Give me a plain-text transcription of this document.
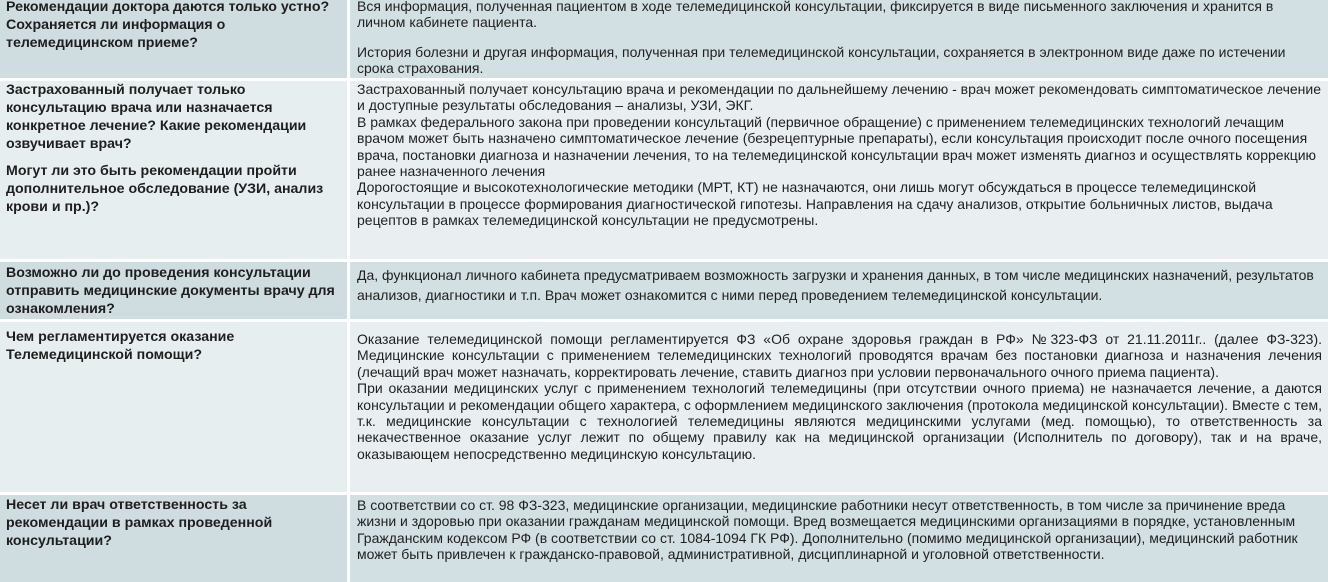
Рекомендации доктора даются только устно? Сохраняется ли информация о телемедицинском приеме?

Вся информация, полученная пациентом в ходе телемедицинской консультации, фиксируется в виде письменного заключения и хранится в личном кабинете пациента.

История болезни и другая информация, полученная при телемедицинской консультации, сохраняется в электронном виде даже по истечении срока страхования.

Застрахованный получает только консультацию врача или назначается конкретное лечение? Какие рекомендации озвучивает врач?

Могут ли это быть рекомендации пройти дополнительное обследование (УЗИ, анализ крови и пр.)?

Застрахованный получает консультацию врача и рекомендации по дальнейшему лечению - врач может рекомендовать симптоматическое лечение и доступные результаты обследования – анализы, УЗИ, ЭКГ.

В рамках федерального закона при проведении консультаций (первичное обращение) с применением телемедицинских технологий лечащим врачом может быть назначено симптоматическое лечение (безрецептурные препараты), если консультация происходит после очного посещения врача, постановки диагноза и назначении лечения, то на телемедицинской консультации врач может изменять диагноз и осуществлять коррекцию ранее назначенного лечения

Дорогостоящие и высокотехнологические методики (МРТ, КТ) не назначаются, они лишь могут обсуждаться в процессе телемедицинской консультации в процессе формирования диагностической гипотезы. Направления на сдачу анализов, открытие больничных листов, выдача рецептов в рамках телемедицинской консультации не предусмотрены.

Возможно ли до проведения консультации отправить медицинские документы врачу для ознакомления?

Да, функционал личного кабинета предусматриваем возможность загрузки и хранения данных, в том числе медицинских назначений, результатов анализов, диагностики и т.п. Врач может ознакомится с ними перед проведением телемедицинской консультации.

Чем регламентируется оказание Телемедицинской помощи?

Оказание телемедицинской помощи регламентируется ФЗ «Об охране здоровья граждан в РФ» №323-ФЗ от 21.11.2011г.. (далее ФЗ-323). Медицинские консультации с применением телемедицинских технологий проводятся врачам без постановки диагноза и назначения лечения (лечащий врач может назначать, корректировать лечение, ставить диагноз при условии первоначального очного приема пациента).

При оказании медицинских услуг с применением технологий телемедицины (при отсутствии очного приема) не назначается лечение, а даются консультации и рекомендации общего характера, с оформлением медицинского заключения (протокола медицинской консультации). Вместе с тем, т.к. медицинские консультации с технологией телемедицины являются медицинскими услугами (мед. помощью), то ответственность за некачественное оказание услуг лежит по общему правилу как на медицинской организации (Исполнитель по договору), так и на враче, оказывающем непосредственно медицинскую консультацию.

Несет ли врач ответственность за рекомендации в рамках проведенной консультации?

В соответствии со ст. 98 ФЗ-323, медицинские организации, медицинские работники несут ответственность, в том числе за причинение вреда жизни и здоровью при оказании гражданам медицинской помощи. Вред возмещается медицинскими организациями в порядке, установленным Гражданским кодексом РФ (в соответствии со ст. 1084-1094 ГК РФ). Дополнительно (помимо медицинской организации), медицинский работник может быть привлечен к гражданско-правовой, административной, дисциплинарной и уголовной ответственности.
